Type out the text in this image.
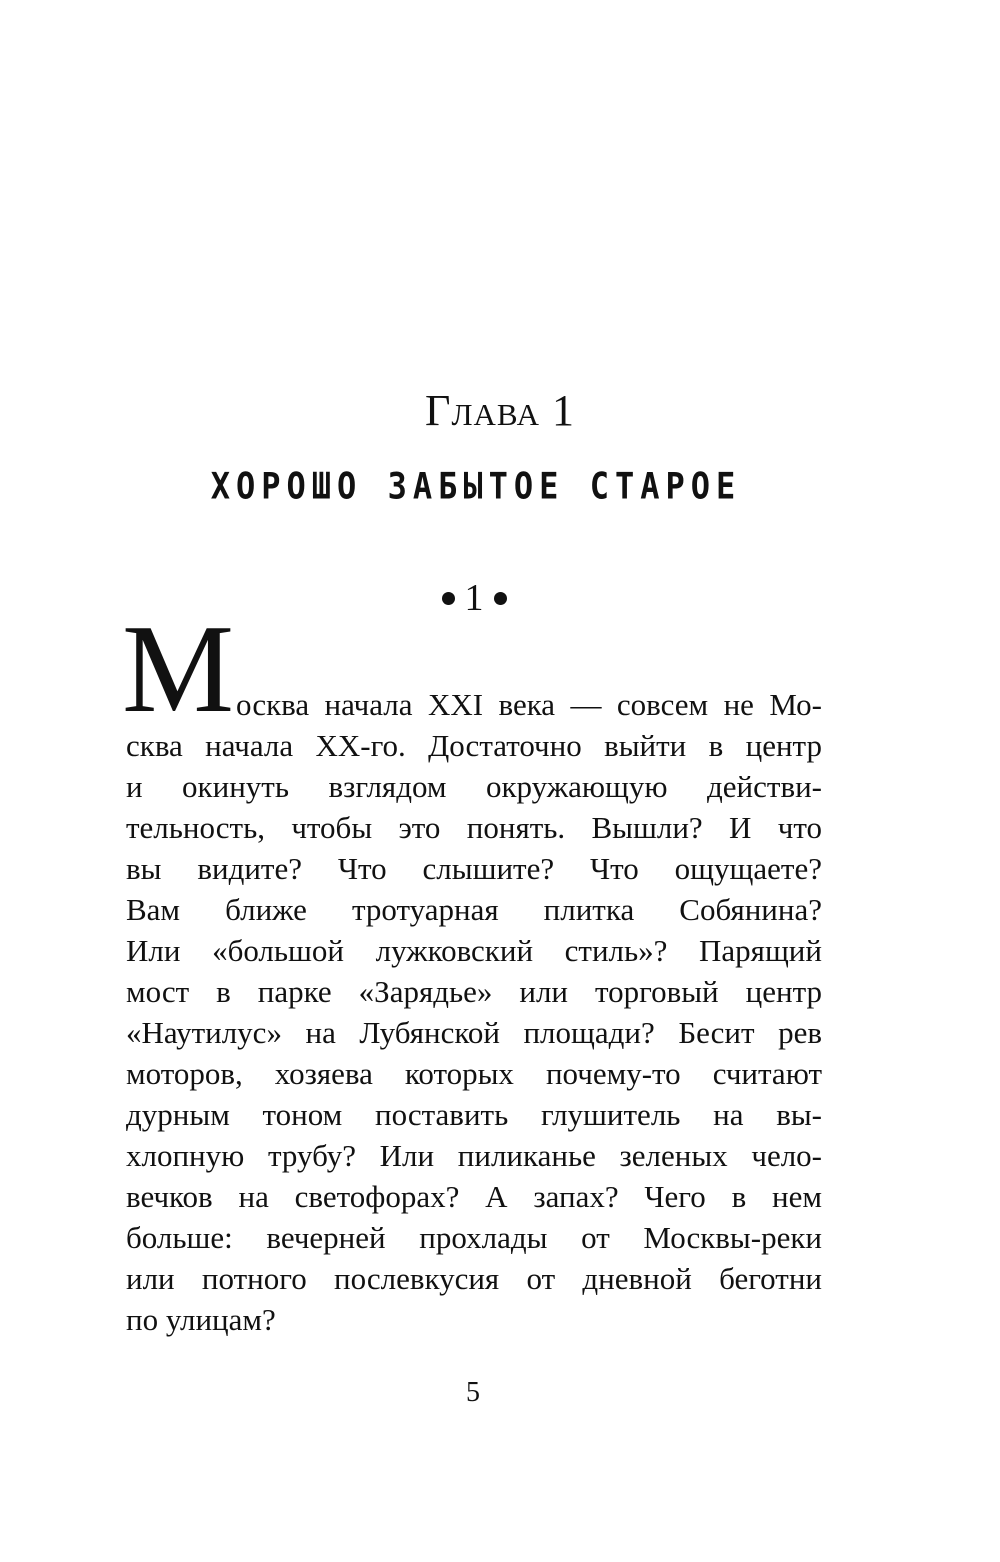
Глава 1
ХОРОШО ЗАБЫТОЕ СТАРОЕ
1
М осква начала XXI века — совсем не Мо-
сква начала XX-го. Достаточно выйти в центр
и окинуть взглядом окружающую действи-
тельность, чтобы это понять. Вышли? И что
вы видите? Что слышите? Что ощущаете?
Вам ближе тротуарная плитка Собянина?
Или «большой лужковский стиль»? Парящий
мост в парке «Зарядье» или торговый центр
«Наутилус» на Лубянской площади? Бесит рев
моторов, хозяева которых почему-то считают
дурным тоном поставить глушитель на вы-
хлопную трубу? Или пиликанье зеленых чело-
вечков на светофорах? А запах? Чего в нем
больше: вечерней прохлады от Москвы-реки
или потного послевкусия от дневной беготни
по улицам?
5
